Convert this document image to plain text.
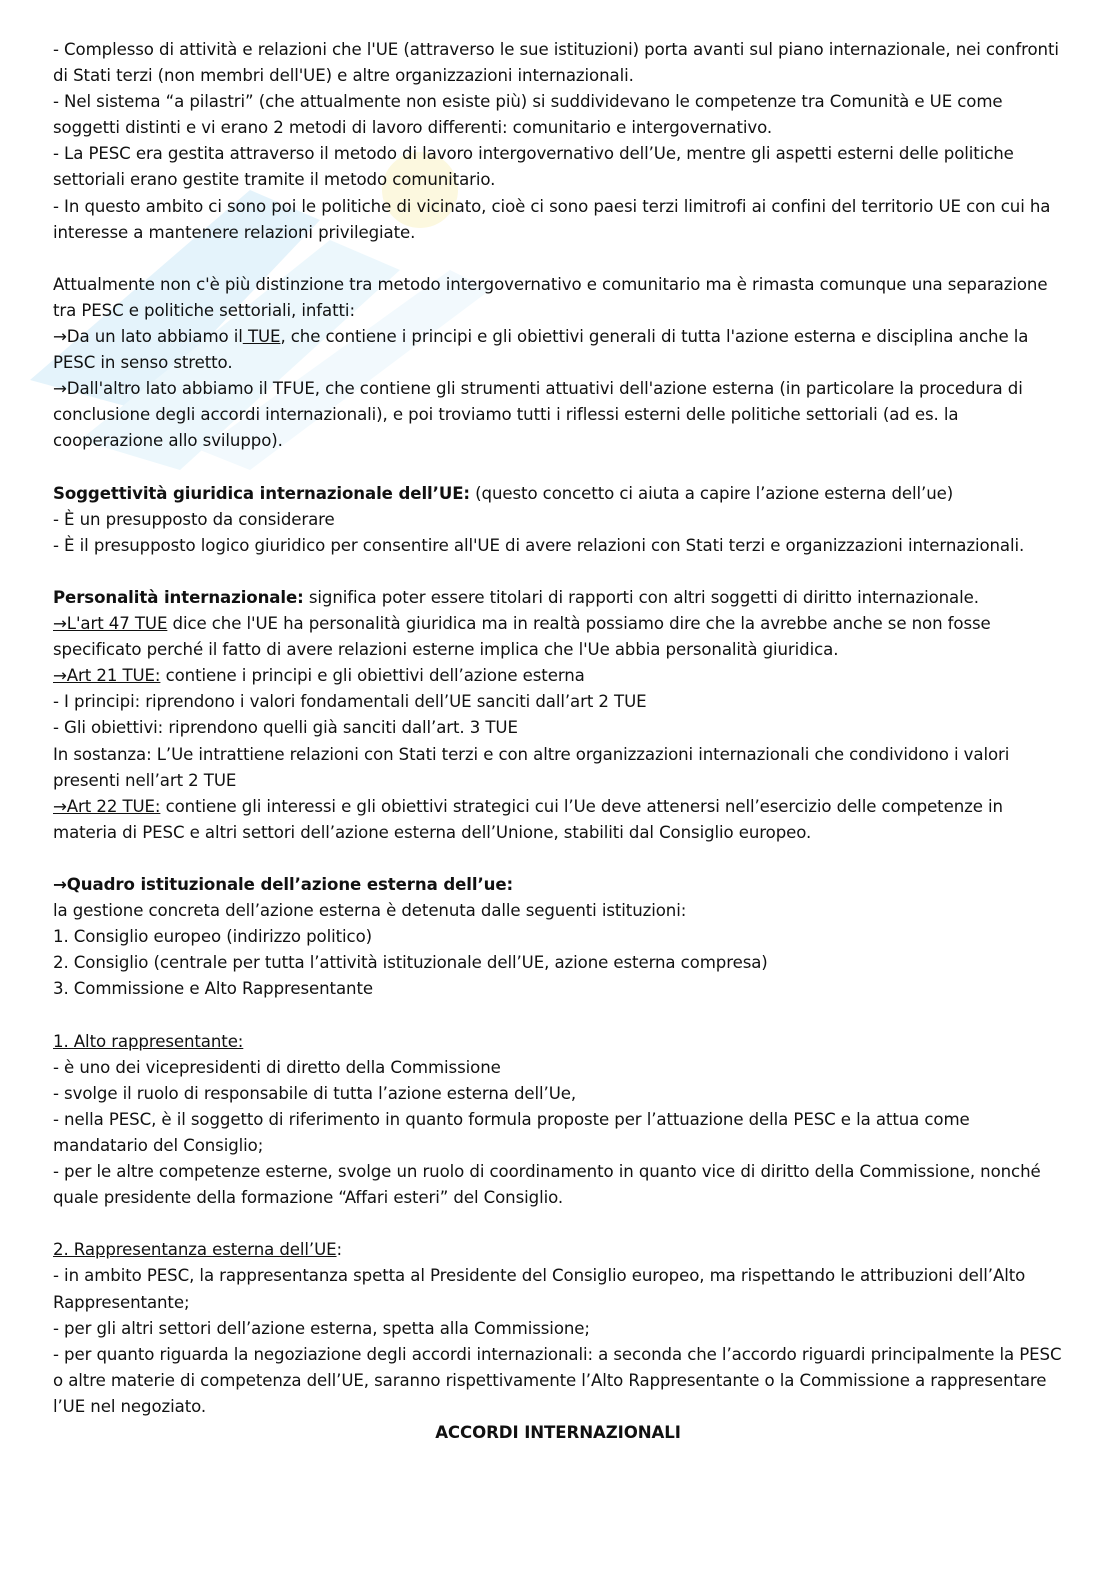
- Complesso di attività e relazioni che l'UE (attraverso le sue istituzioni) porta avanti sul piano internazionale, nei confronti di Stati terzi (non membri dell'UE) e altre organizzazioni internazionali.

- Nel sistema “a pilastri” (che attualmente non esiste più) si suddividevano le competenze tra Comunità e UE come soggetti distinti e vi erano 2 metodi di lavoro differenti: comunitario e intergovernativo.

- La PESC era gestita attraverso il metodo di lavoro intergovernativo dell’Ue, mentre gli aspetti esterni delle politiche settoriali erano gestite tramite il metodo comunitario.

- In questo ambito ci sono poi le politiche di vicinato, cioè ci sono paesi terzi limitrofi ai confini del territorio UE con cui ha interesse a mantenere relazioni privilegiate.

Attualmente non c'è più distinzione tra metodo intergovernativo e comunitario ma è rimasta comunque una separazione tra PESC e politiche settoriali, infatti:

→Da un lato abbiamo il TUE, che contiene i principi e gli obiettivi generali di tutta l'azione esterna e disciplina anche la PESC in senso stretto.

→Dall'altro lato abbiamo il TFUE, che contiene gli strumenti attuativi dell'azione esterna (in particolare la procedura di conclusione degli accordi internazionali), e poi troviamo tutti i riflessi esterni delle politiche settoriali (ad es. la cooperazione allo sviluppo).

Soggettività giuridica internazionale dell’UE: (questo concetto ci aiuta a capire l’azione esterna dell’ue)

- È un presupposto da considerare

- È il presupposto logico giuridico per consentire all'UE di avere relazioni con Stati terzi e organizzazioni internazionali.

Personalità internazionale: significa poter essere titolari di rapporti con altri soggetti di diritto internazionale.

→L'art 47 TUE dice che l'UE ha personalità giuridica ma in realtà possiamo dire che la avrebbe anche se non fosse specificato perché il fatto di avere relazioni esterne implica che l'Ue abbia personalità giuridica.

→Art 21 TUE: contiene i principi e gli obiettivi dell’azione esterna

- I principi: riprendono i valori fondamentali dell’UE sanciti dall’art 2 TUE

- Gli obiettivi: riprendono quelli già sanciti dall’art. 3 TUE

In sostanza: L’Ue intrattiene relazioni con Stati terzi e con altre organizzazioni internazionali che condividono i valori presenti nell’art 2 TUE

→Art 22 TUE: contiene gli interessi e gli obiettivi strategici cui l’Ue deve attenersi nell’esercizio delle competenze in materia di PESC e altri settori dell’azione esterna dell’Unione, stabiliti dal Consiglio europeo.

→Quadro istituzionale dell’azione esterna dell’ue:

la gestione concreta dell’azione esterna è detenuta dalle seguenti istituzioni:

1. Consiglio europeo (indirizzo politico)

2. Consiglio (centrale per tutta l’attività istituzionale dell’UE, azione esterna compresa)

3. Commissione e Alto Rappresentante

1. Alto rappresentante:

- è uno dei vicepresidenti di diretto della Commissione

- svolge il ruolo di responsabile di tutta l’azione esterna dell’Ue,

- nella PESC, è il soggetto di riferimento in quanto formula proposte per l’attuazione della PESC e la attua come mandatario del Consiglio;

- per le altre competenze esterne, svolge un ruolo di coordinamento in quanto vice di diritto della Commissione, nonché quale presidente della formazione “Affari esteri” del Consiglio.

2. Rappresentanza esterna dell’UE:

- in ambito PESC, la rappresentanza spetta al Presidente del Consiglio europeo, ma rispettando le attribuzioni dell’Alto Rappresentante;

- per gli altri settori dell’azione esterna, spetta alla Commissione;

- per quanto riguarda la negoziazione degli accordi internazionali: a seconda che l’accordo riguardi principalmente la PESC o altre materie di competenza dell’UE, saranno rispettivamente l’Alto Rappresentante o la Commissione a rappresentare l’UE nel negoziato.

ACCORDI INTERNAZIONALI
